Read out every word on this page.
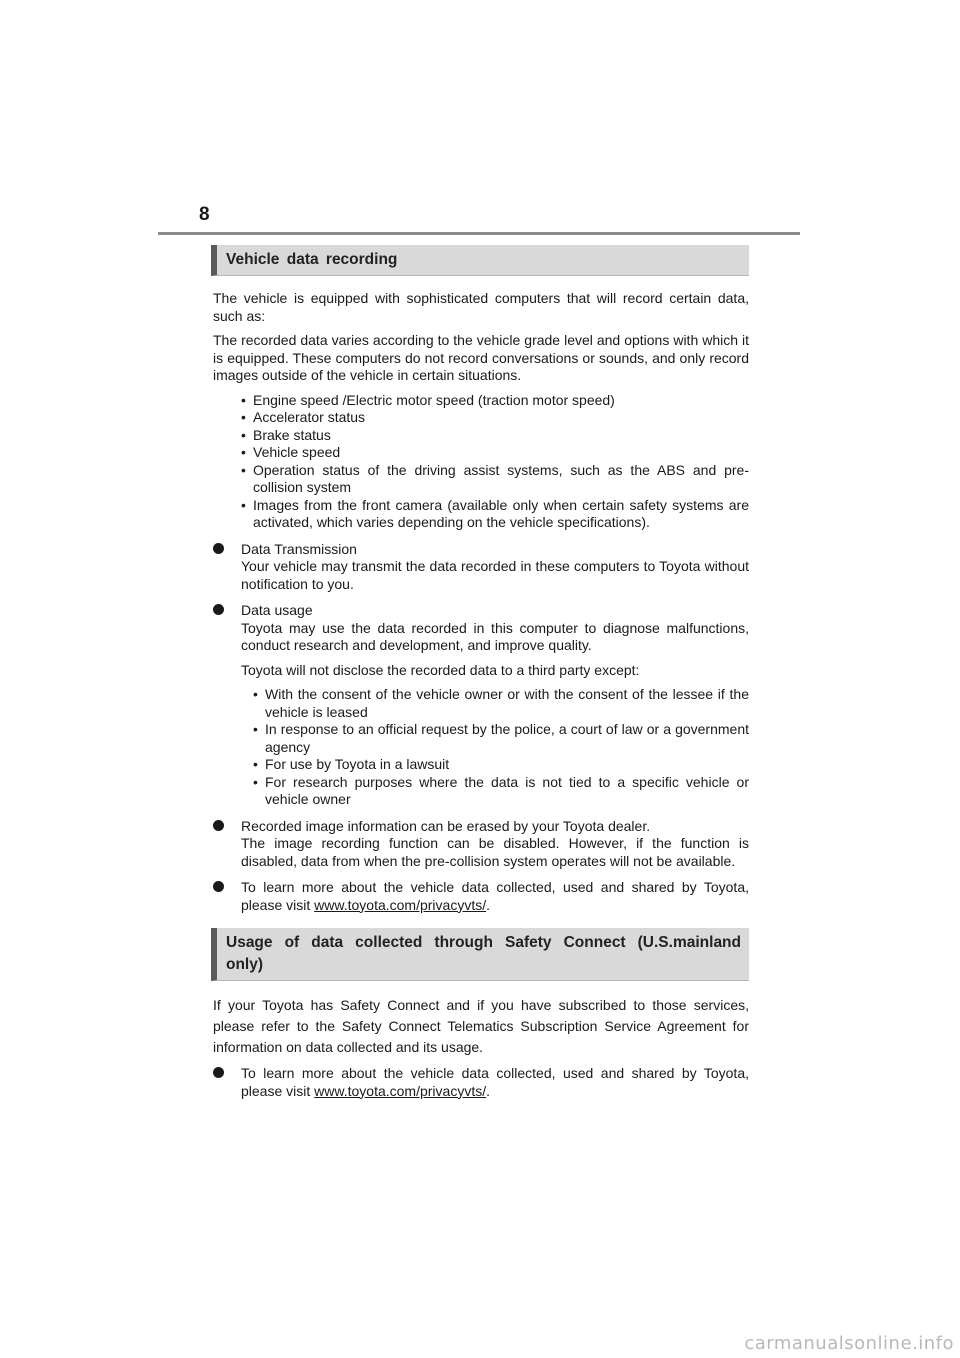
8
Vehicle data recording

The vehicle is equipped with sophisticated computers that will record certain data, such as:

The recorded data varies according to the vehicle grade level and options with which it is equipped. These computers do not record conversations or sounds, and only record images outside of the vehicle in certain situations.

• Engine speed /Electric motor speed (traction motor speed)
• Accelerator status
• Brake status
• Vehicle speed
• Operation status of the driving assist systems, such as the ABS and pre-collision system
• Images from the front camera (available only when certain safety systems are activated, which varies depending on the vehicle specifications).
Data Transmission
Your vehicle may transmit the data recorded in these computers to Toyota without notification to you.
Data usage
Toyota may use the data recorded in this computer to diagnose malfunctions, conduct research and development, and improve quality.
Toyota will not disclose the recorded data to a third party except:
• With the consent of the vehicle owner or with the consent of the lessee if the vehicle is leased
• In response to an official request by the police, a court of law or a government agency
• For use by Toyota in a lawsuit
• For research purposes where the data is not tied to a specific vehicle or vehicle owner
Recorded image information can be erased by your Toyota dealer.
The image recording function can be disabled. However, if the function is disabled, data from when the pre-collision system operates will not be available.
To learn more about the vehicle data collected, used and shared by Toyota, please visit www.toyota.com/privacyvts/.
Usage of data collected through Safety Connect (U.S.mainland only)

If your Toyota has Safety Connect and if you have subscribed to those services, please refer to the Safety Connect Telematics Subscription Service Agreement for information on data collected and its usage.

To learn more about the vehicle data collected, used and shared by Toyota, please visit www.toyota.com/privacyvts/.
carmanualsonline.info
